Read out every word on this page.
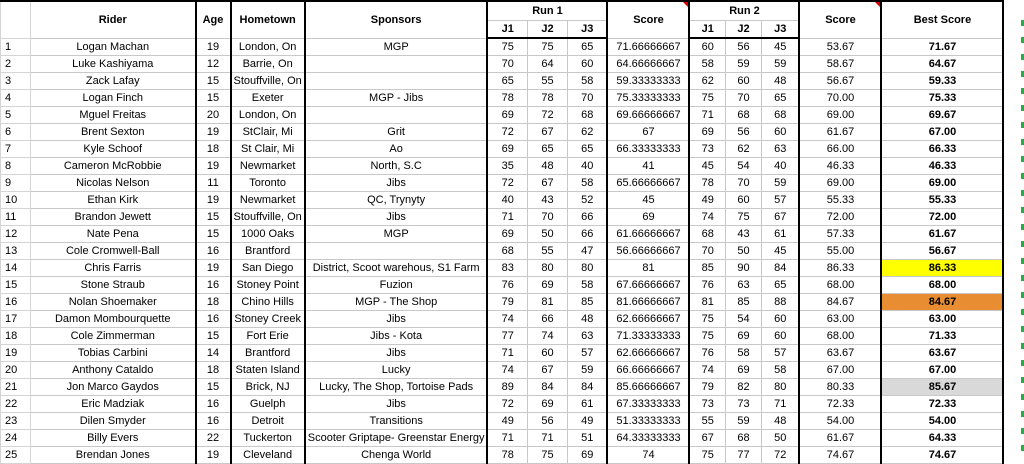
	Rider	Age	Hometown	Sponsors	Run 1			Score	Run 2			Score	Best Score	
					J1	J2	J3		J1	J2	J3			
1	Logan Machan	19	London, On	MGP	75	75	65	71.66666667	60	56	45	53.67	71.67	
2	Luke Kashiyama	12	Barrie, On		70	64	60	64.66666667	58	59	59	58.67	64.67	
3	Zack Lafay	15	Stouffville, On		65	55	58	59.33333333	62	60	48	56.67	59.33	
4	Logan Finch	15	Exeter	MGP - Jibs	78	78	70	75.33333333	75	70	65	70.00	75.33	
5	Mguel Freitas	20	London, On		69	72	68	69.66666667	71	68	68	69.00	69.67	
6	Brent Sexton	19	StClair, Mi	Grit	72	67	62	67	69	56	60	61.67	67.00	
7	Kyle Schoof	18	St Clair, Mi	Ao	69	65	65	66.33333333	73	62	63	66.00	66.33	
8	Cameron McRobbie	19	Newmarket	North, S.C	35	48	40	41	45	54	40	46.33	46.33	
9	Nicolas Nelson	11	Toronto	Jibs	72	67	58	65.66666667	78	70	59	69.00	69.00	
10	Ethan Kirk	19	Newmarket	QC, Trynyty	40	43	52	45	49	60	57	55.33	55.33	
11	Brandon Jewett	15	Stouffville, On	Jibs	71	70	66	69	74	75	67	72.00	72.00	
12	Nate Pena	15	1000 Oaks	MGP	69	50	66	61.66666667	68	43	61	57.33	61.67	
13	Cole Cromwell-Ball	16	Brantford		68	55	47	56.66666667	70	50	45	55.00	56.67	
14	Chris Farris	19	San Diego	District, Scoot warehous, S1 Farm	83	80	80	81	85	90	84	86.33	86.33	
15	Stone Straub	16	Stoney Point	Fuzion	76	69	58	67.66666667	76	63	65	68.00	68.00	
16	Nolan Shoemaker	18	Chino Hills	MGP - The Shop	79	81	85	81.66666667	81	85	88	84.67	84.67	
17	Damon Mombourquette	16	Stoney Creek	Jibs	74	66	48	62.66666667	75	54	60	63.00	63.00	
18	Cole Zimmerman	15	Fort Erie	Jibs - Kota	77	74	63	71.33333333	75	69	60	68.00	71.33	
19	Tobias Carbini	14	Brantford	Jibs	71	60	57	62.66666667	76	58	57	63.67	63.67	
20	Anthony Cataldo	18	Staten Island	Lucky	74	67	59	66.66666667	74	69	58	67.00	67.00	
21	Jon Marco Gaydos	15	Brick, NJ	Lucky, The Shop, Tortoise Pads	89	84	84	85.66666667	79	82	80	80.33	85.67	
22	Eric Madziak	16	Guelph	Jibs	72	69	61	67.33333333	73	73	71	72.33	72.33	
23	Dilen Smyder	16	Detroit	Transitions	49	56	49	51.33333333	55	59	48	54.00	54.00	
24	Billy Evers	22	Tuckerton	Scooter Griptape- Greenstar Energy	71	71	51	64.33333333	67	68	50	61.67	64.33	
25	Brendan Jones	19	Cleveland	Chenga World	78	75	69	74	75	77	72	74.67	74.67	
